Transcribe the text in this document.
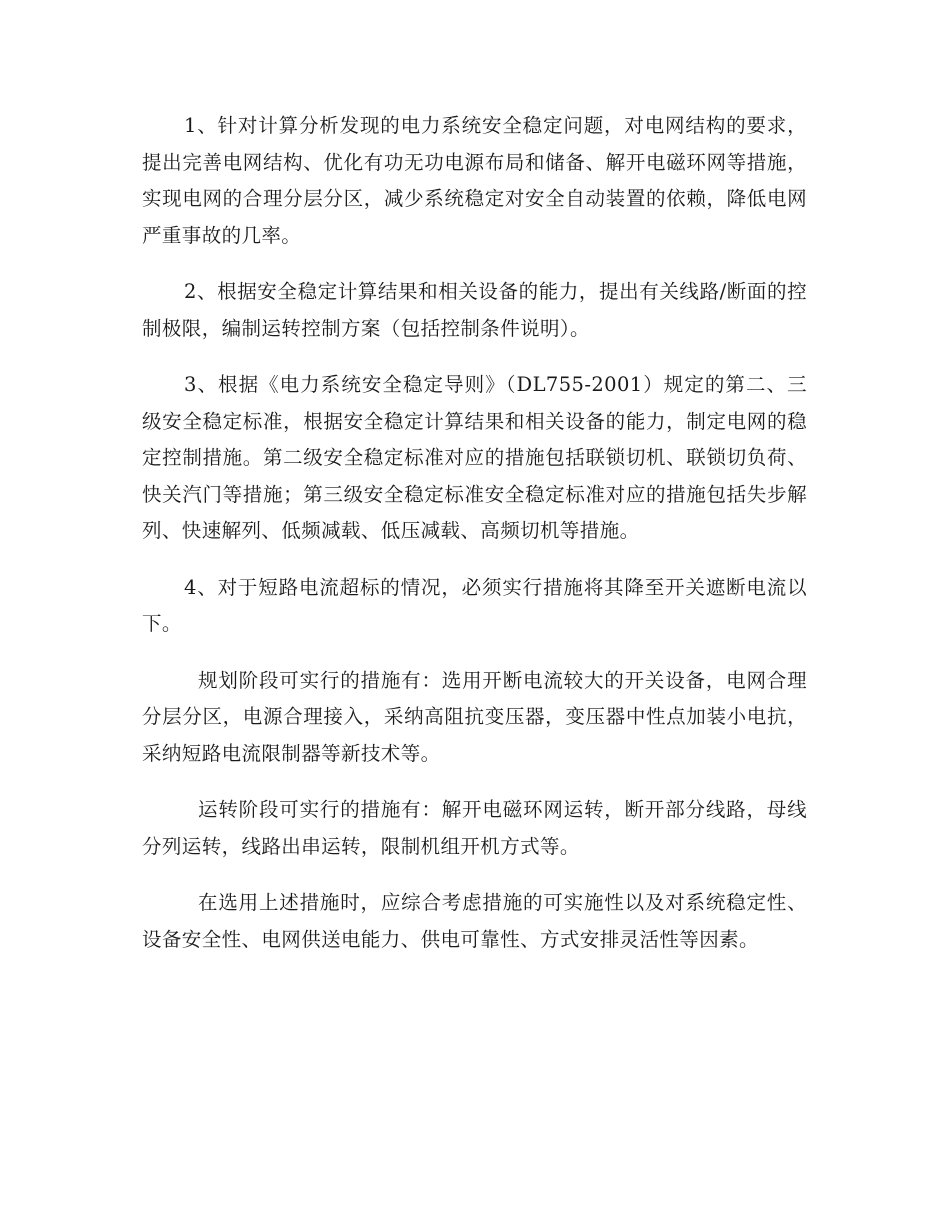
1、针对计算分析发现的电力系统安全稳定问题，对电网结构的要求，提出完善电网结构、优化有功无功电源布局和储备、解开电磁环网等措施，实现电网的合理分层分区，减少系统稳定对安全自动装置的依赖，降低电网严重事故的几率。

2、根据安全稳定计算结果和相关设备的能力，提出有关线路/断面的控制极限，编制运转控制方案（包括控制条件说明）。

3、根据《电力系统安全稳定导则》（DL755-2001）规定的第二、三级安全稳定标准，根据安全稳定计算结果和相关设备的能力，制定电网的稳定控制措施。第二级安全稳定标准对应的措施包括联锁切机、联锁切负荷、快关汽门等措施；第三级安全稳定标准安全稳定标准对应的措施包括失步解列、快速解列、低频减载、低压减载、高频切机等措施。

4、对于短路电流超标的情况，必须实行措施将其降至开关遮断电流以下。

规划阶段可实行的措施有：选用开断电流较大的开关设备，电网合理分层分区，电源合理接入，采纳高阻抗变压器，变压器中性点加装小电抗，采纳短路电流限制器等新技术等。

运转阶段可实行的措施有：解开电磁环网运转，断开部分线路，母线分列运转，线路出串运转，限制机组开机方式等。

在选用上述措施时，应综合考虑措施的可实施性以及对系统稳定性、设备安全性、电网供送电能力、供电可靠性、方式安排灵活性等因素。
